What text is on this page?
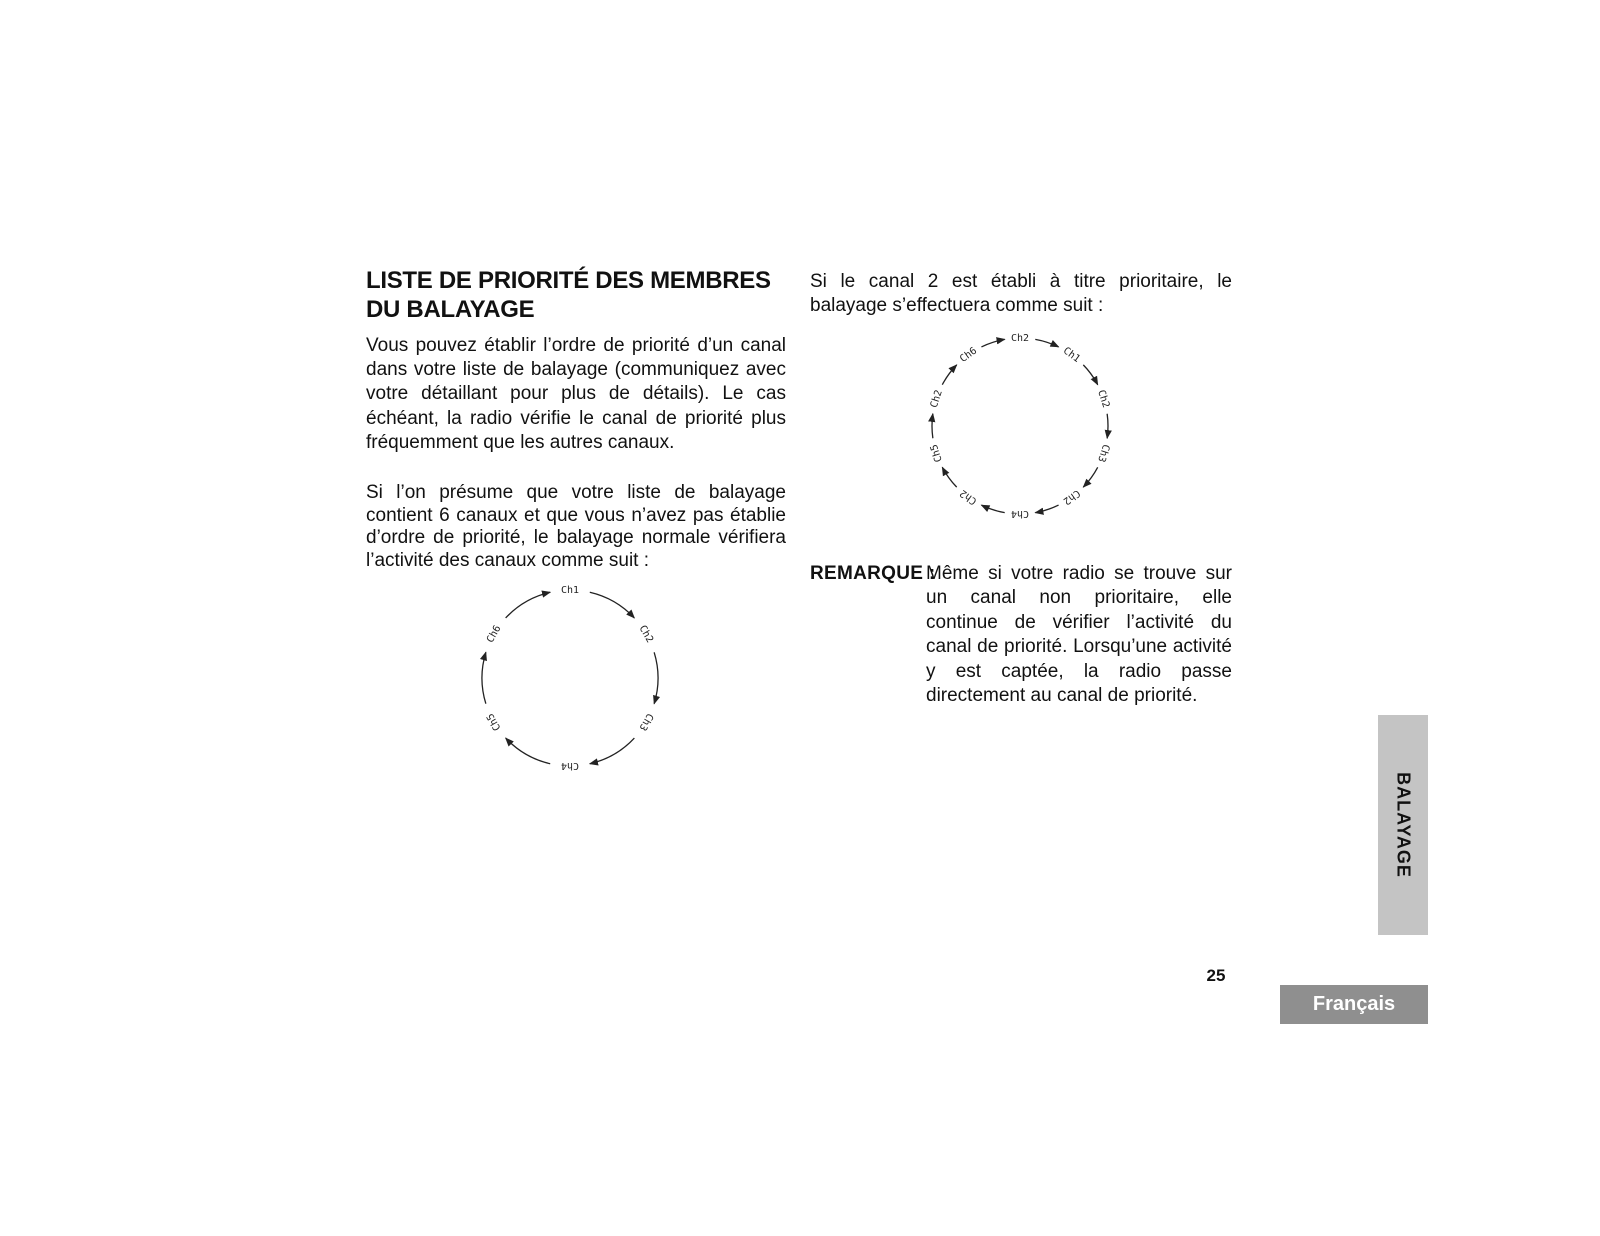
LISTE DE PRIORITÉ DES MEMBRES DU BALAYAGE

Vous pouvez établir l’ordre de priorité d’un canal dans votre liste de balayage (communiquez avec votre détaillant pour plus de détails). Le cas échéant, la radio vérifie le canal de priorité plus fréquemment que les autres canaux.

Si l’on présume que votre liste de balayage contient 6 canaux et que vous n’avez pas établie d’ordre de priorité, le balayage normale vérifiera l’activité des canaux comme suit :

Ch1
Ch2
Ch3
Ch4
Ch5
Ch6

Si le canal 2 est établi à titre prioritaire, le balayage s’effectuera comme suit :

Ch2
Ch1
Ch2
Ch3
Ch2
Ch4
Ch2
Ch5
Ch2
Ch6
REMARQUE :

Même si votre radio se trouve sur un canal non prioritaire, elle continue de vérifier l’activité du canal de priorité. Lorsqu’une activité y est captée, la radio passe directement au canal de priorité.

BALAYAGE
25
Français
